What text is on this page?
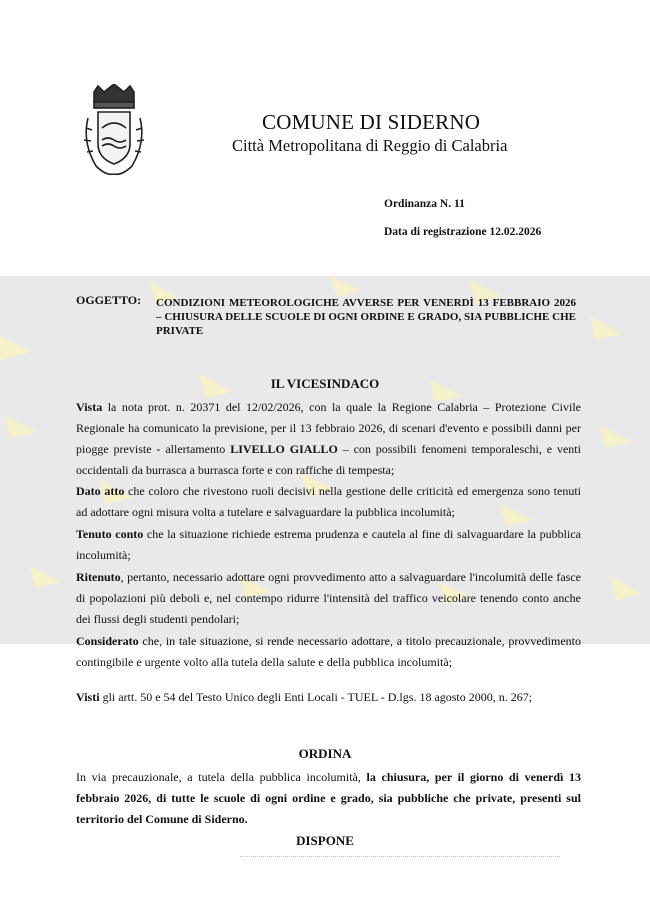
COMUNE DI SIDERNO
Città Metropolitana di Reggio di Calabria
Ordinanza N. 11
Data di registrazione 12.02.2026
OGGETTO: CONDIZIONI METEOROLOGICHE AVVERSE PER VENERDÌ 13 FEBBRAIO 2026 – CHIUSURA DELLE SCUOLE DI OGNI ORDINE E GRADO, SIA PUBBLICHE CHE PRIVATE
IL VICESINDACO
Vista la nota prot. n. 20371 del 12/02/2026, con la quale la Regione Calabria – Protezione Civile Regionale ha comunicato la previsione, per il 13 febbraio 2026, di scenari d'evento e possibili danni per piogge previste - allertamento LIVELLO GIALLO – con possibili fenomeni temporaleschi, e venti occidentali da burrasca a burrasca forte e con raffiche di tempesta;
Dato atto che coloro che rivestono ruoli decisivi nella gestione delle criticità ed emergenza sono tenuti ad adottare ogni misura volta a tutelare e salvaguardare la pubblica incolumità;
Tenuto conto che la situazione richiede estrema prudenza e cautela al fine di salvaguardare la pubblica incolumità;
Ritenuto, pertanto, necessario adottare ogni provvedimento atto a salvaguardare l'incolumità delle fasce di popolazioni più deboli e, nel contempo ridurre l'intensità del traffico veicolare tenendo conto anche dei flussi degli studenti pendolari;
Considerato che, in tale situazione, si rende necessario adottare, a titolo precauzionale, provvedimento contingibile e urgente volto alla tutela della salute e della pubblica incolumità;
Visti gli artt. 50 e 54 del Testo Unico degli Enti Locali - TUEL - D.lgs. 18 agosto 2000, n. 267;
ORDINA
In via precauzionale, a tutela della pubblica incolumità, la chiusura, per il giorno di venerdì 13 febbraio 2026, di tutte le scuole di ogni ordine e grado, sia pubbliche che private, presenti sul territorio del Comune di Siderno.
DISPONE
